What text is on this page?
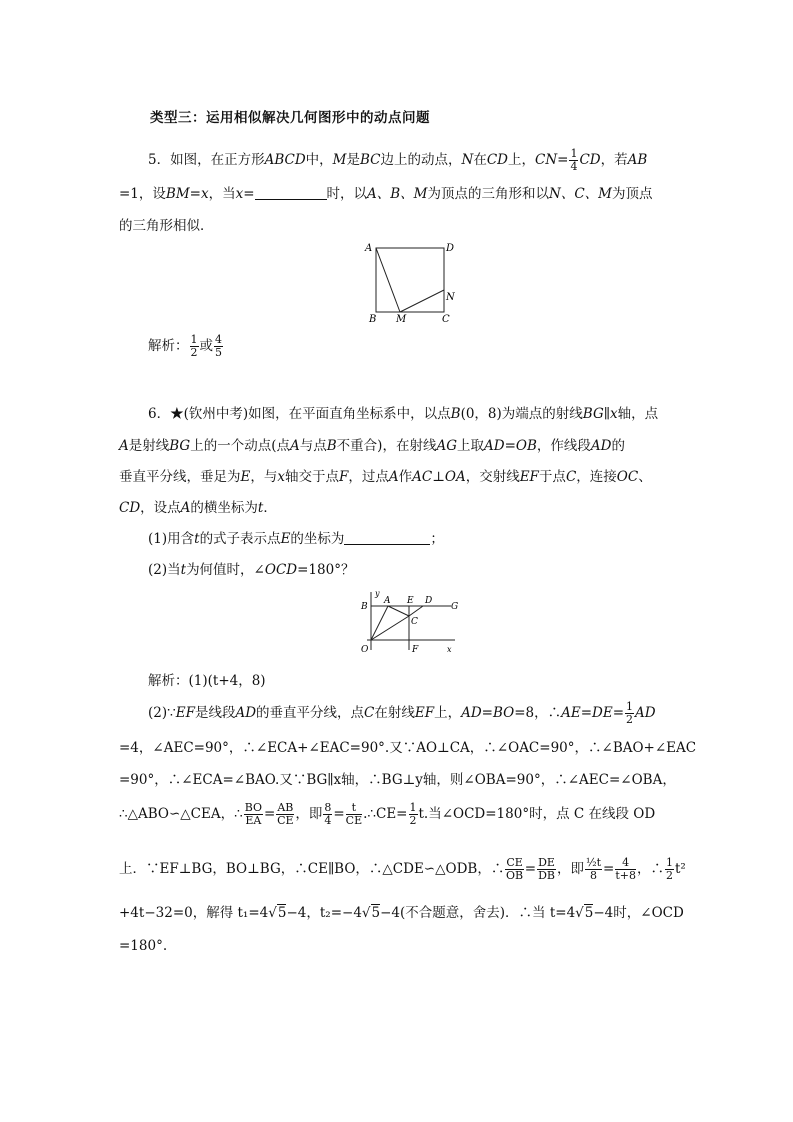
类型三：运用相似解决几何图形中的动点问题
5．如图，在正方形ABCD中，M是BC边上的动点，N在CD上，$CN= \frac{1}{4}$ CD，若AB
=1，设BM=x，当x=	时，以A、B、M为顶点的三角形和以N、C、M为顶点
的三角形相似．
A	D
B M	C
N
解析： $\frac{1}{2}$ 或 $\frac{4}{5}$
6．★(钦州中考)如图，在平面直角坐标系中，以点B(0，8)为端点的射线BG∥x轴，点
A是射线BG上的一个动点(点A与点B不重合)，在射线AG上取AD=OB，作线段AD的
垂直平分线，垂足为E，与x轴交于点F，过点A作AC⊥OA，交射线EF于点C，连接OC、
CD，设点A的横坐标为t．
(1)用含t的式子表示点E的坐标为	；
(2)当t为何值时，∠OCD=180°？
y
B
A E D
G
C
O	F	x
解析：(1)(t+4，8)
(2)∵EF是线段AD的垂直平分线，点C在射线EF上，AD=BO=8，∴AE=DE= $\frac{1}{2}$ AD
=4，∠AEC=90°，∴∠ECA+∠EAC=90°.又∵AO⊥CA，∴∠OAC=90°，∴∠BAO+∠EAC
=90°，∴∠ECA=∠BAO.又∵BG∥x轴，∴BG⊥y轴，则∠OBA=90°，∴∠AEC=∠OBA，
∴△ABO∽△CEA，∴ $\frac{BO}{EA} = \frac{AB}{CE}$ ，即 $\frac{8}{4} = \frac{t}{CE}$ .∴CE= $\frac{1}{2} t$.当∠OCD=180°时，点 C 在线段 OD
上．∵EF⊥BG，BO⊥BG，∴CE∥BO，∴△CDE∽△ODB，∴ $\frac{CE}{OB} = \frac{DE}{DB}$ ，即 $\frac{\text{½t}}{8} = \frac{4}{t+8}$ ，∴ $\frac{1}{2} t^2$
+4t−32=0，解得 t₁=4√5−4，t₂=−4√5−4(不合题意，舍去)．∴当 t=4√5−4时，∠OCD
=180°.
